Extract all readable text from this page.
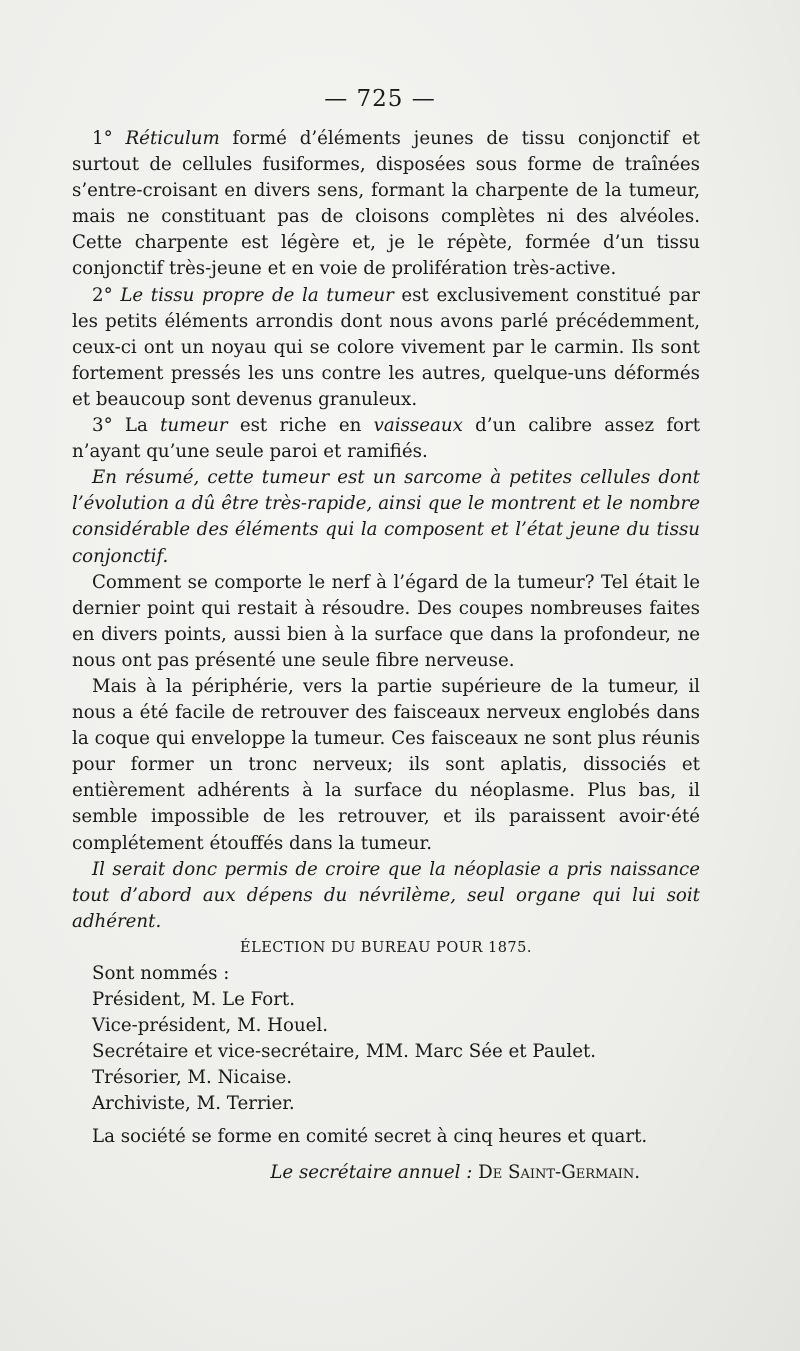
— 725 —

1° Réticulum formé d’éléments jeunes de tissu conjonctif et surtout de cellules fusiformes, disposées sous forme de traînées s’entre-croisant en divers sens, formant la charpente de la tumeur, mais ne constituant pas de cloisons complètes ni des alvéoles. Cette charpente est légère et, je le répète, formée d’un tissu conjonctif très-jeune et en voie de prolifération très-active.

2° Le tissu propre de la tumeur est exclusivement constitué par les petits éléments arrondis dont nous avons parlé précédemment, ceux-ci ont un noyau qui se colore vivement par le carmin. Ils sont fortement pressés les uns contre les autres, quelque-uns déformés et beaucoup sont devenus granuleux.

3° La tumeur est riche en vaisseaux d’un calibre assez fort n’ayant qu’une seule paroi et ramifiés.

En résumé, cette tumeur est un sarcome à petites cellules dont l’évolution a dû être très-rapide, ainsi que le montrent et le nombre considérable des éléments qui la composent et l’état jeune du tissu conjonctif.

Comment se comporte le nerf à l’égard de la tumeur? Tel était le dernier point qui restait à résoudre. Des coupes nombreuses faites en divers points, aussi bien à la surface que dans la profondeur, ne nous ont pas présenté une seule fibre nerveuse.

Mais à la périphérie, vers la partie supérieure de la tumeur, il nous a été facile de retrouver des faisceaux nerveux englobés dans la coque qui enveloppe la tumeur. Ces faisceaux ne sont plus réunis pour former un tronc nerveux; ils sont aplatis, dissociés et entièrement adhérents à la surface du néoplasme. Plus bas, il semble impossible de les retrouver, et ils paraissent avoir·été complétement étouffés dans la tumeur.

Il serait donc permis de croire que la néoplasie a pris naissance tout d’abord aux dépens du névrilème, seul organe qui lui soit adhérent.

ÉLECTION DU BUREAU POUR 1875.

Sont nommés :
Président, M. Le Fort.
Vice-président, M. Houel.
Secrétaire et vice-secrétaire, MM. Marc Sée et Paulet.
Trésorier, M. Nicaise.
Archiviste, M. Terrier.

La société se forme en comité secret à cinq heures et quart.

Le secrétaire annuel : De Saint-Germain.
